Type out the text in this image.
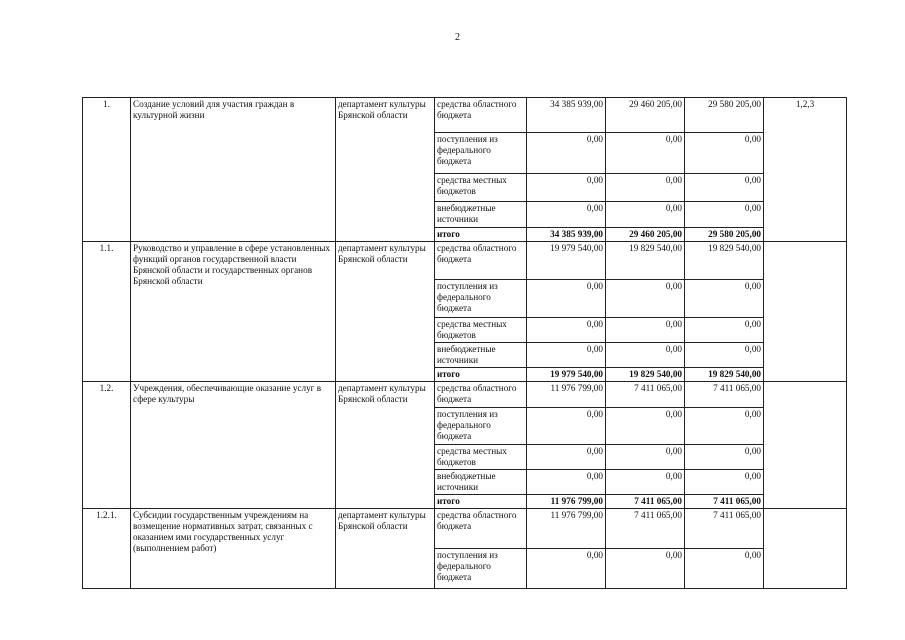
2
1.	Создание условий для участия граждан в культурной жизни	департамент культуры Брянской области	средства областного бюджета	34 385 939,00	29 460 205,00	29 580 205,00	1,2,3
			поступления из федерального бюджета	0,00	0,00	0,00	
			средства местных бюджетов	0,00	0,00	0,00	
			внебюджетные источники	0,00	0,00	0,00	
			итого	34 385 939,00	29 460 205,00	29 580 205,00	
1.1.	Руководство и управление в сфере установленных функций органов государственной власти Брянской области и государственных органов Брянской области	департамент культуры Брянской области	средства областного бюджета	19 979 540,00	19 829 540,00	19 829 540,00	
			поступления из федерального бюджета	0,00	0,00	0,00	
			средства местных бюджетов	0,00	0,00	0,00	
			внебюджетные источники	0,00	0,00	0,00	
			итого	19 979 540,00	19 829 540,00	19 829 540,00	
1.2.	Учреждения, обеспечивающие оказание услуг в сфере культуры	департамент культуры Брянской области	средства областного бюджета	11 976 799,00	7 411 065,00	7 411 065,00	
			поступления из федерального бюджета	0,00	0,00	0,00	
			средства местных бюджетов	0,00	0,00	0,00	
			внебюджетные источники	0,00	0,00	0,00	
			итого	11 976 799,00	7 411 065,00	7 411 065,00	
1.2.1.	Субсидии государственным учреждениям на возмещение нормативных затрат, связанных с оказанием ими государственных услуг (выполнением работ)	департамент культуры Брянской области	средства областного бюджета	11 976 799,00	7 411 065,00	7 411 065,00	
			поступления из федерального бюджета	0,00	0,00	0,00	
